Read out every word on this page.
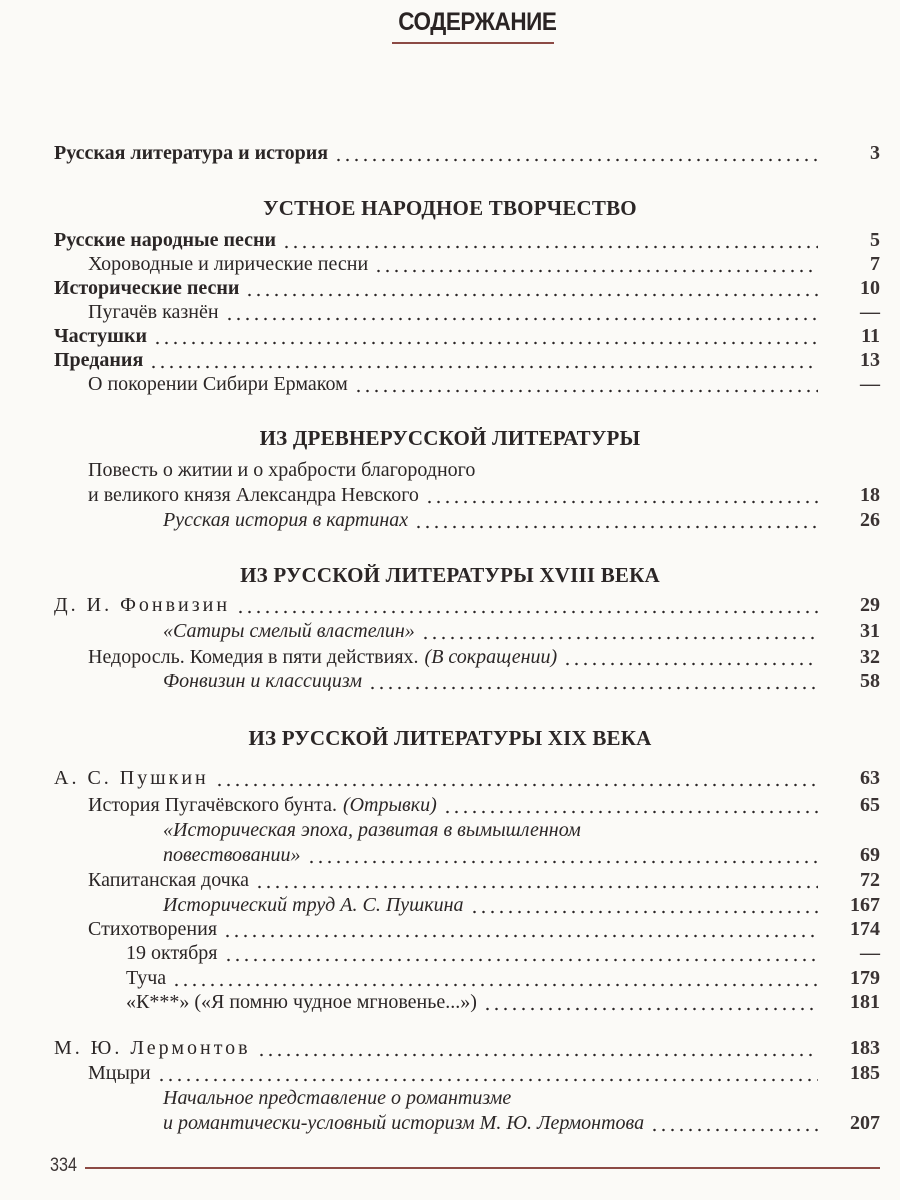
СОДЕРЖАНИЕ
УСТНОЕ НАРОДНОЕ ТВОРЧЕСТВО
ИЗ ДРЕВНЕРУССКОЙ ЛИТЕРАТУРЫ
ИЗ РУССКОЙ ЛИТЕРАТУРЫ XVIII ВЕКА
ИЗ РУССКОЙ ЛИТЕРАТУРЫ XIX ВЕКА
Русская литература и история	3
Русские народные песни	5
Хороводные и лирические песни	7
Исторические песни	10
Пугачёв казнён	—
Частушки	11
Предания	13
О покорении Сибири Ермаком	—
Повесть о житии и о храбрости благородного
и великого князя Александра Невского	18
Русская история в картинах	26
Д. И. Фонвизин	29
«Сатиры смелый властелин»	31
Недоросль. Комедия в пяти действиях. (В сокращении)	32
Фонвизин и классицизм	58
А. С. Пушкин	63
История Пугачёвского бунта. (Отрывки)	65
«Историческая эпоха, развитая в вымышленном
повествовании»	69
Капитанская дочка	72
Исторический труд А. С. Пушкина	167
Стихотворения	174
19 октября	—
Туча	179
«К***» («Я помню чудное мгновенье...»)	181
М. Ю. Лермонтов	183
Мцыри	185
Начальное представление о романтизме
и романтически-условный историзм М. Ю. Лермонтова	207
334
